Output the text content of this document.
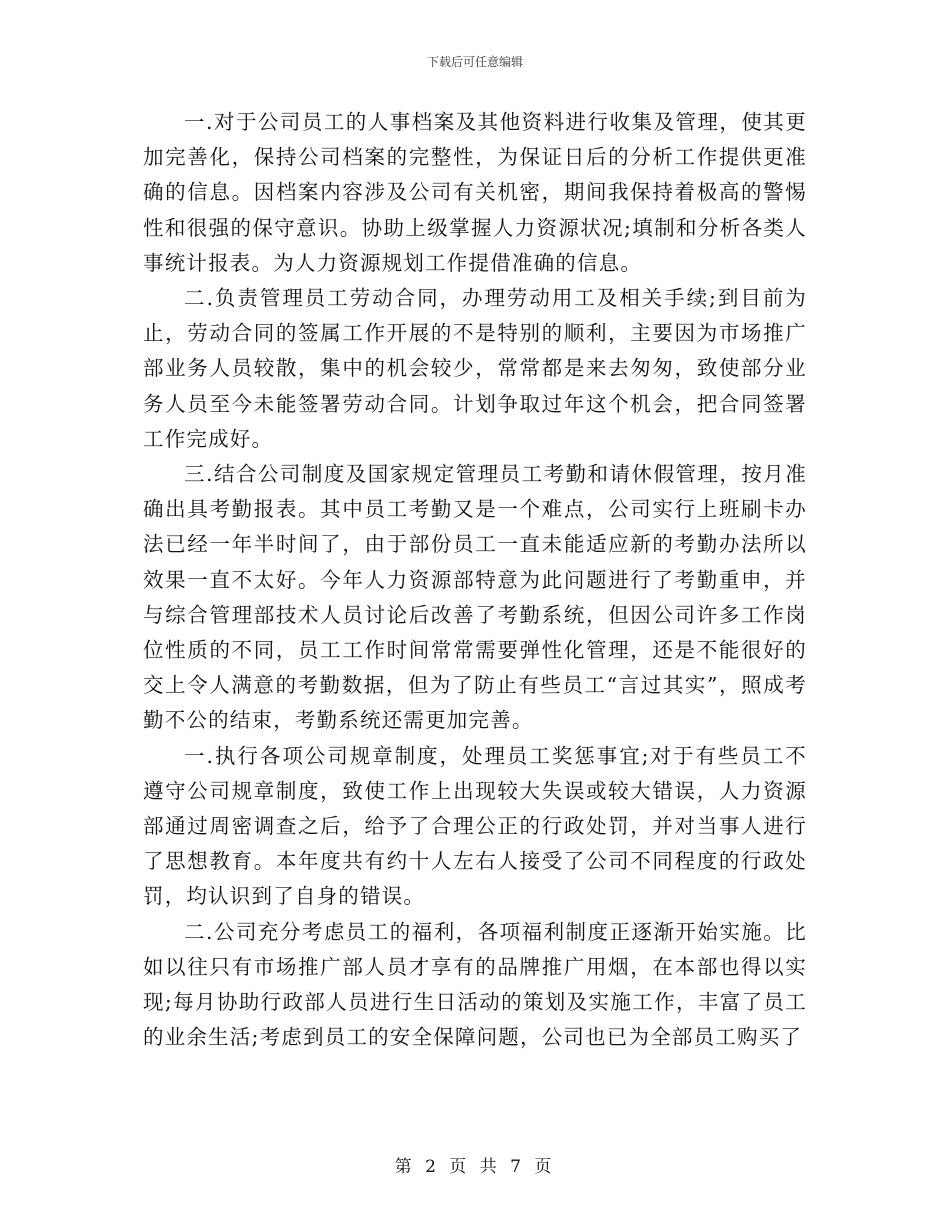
下载后可任意编辑

一.对于公司员工的人事档案及其他资料进行收集及管理，使其更加完善化，保持公司档案的完整性，为保证日后的分析工作提供更准确的信息。因档案内容涉及公司有关机密，期间我保持着极高的警惕性和很强的保守意识。协助上级掌握人力资源状况;填制和分析各类人事统计报表。为人力资源规划工作提借准确的信息。

二.负责管理员工劳动合同，办理劳动用工及相关手续;到目前为止，劳动合同的签属工作开展的不是特别的顺利，主要因为市场推广部业务人员较散，集中的机会较少，常常都是来去匆匆，致使部分业务人员至今未能签署劳动合同。计划争取过年这个机会，把合同签署工作完成好。

三.结合公司制度及国家规定管理员工考勤和请休假管理，按月准确出具考勤报表。其中员工考勤又是一个难点，公司实行上班刷卡办法已经一年半时间了，由于部份员工一直未能适应新的考勤办法所以效果一直不太好。今年人力资源部特意为此问题进行了考勤重申，并与综合管理部技术人员讨论后改善了考勤系统，但因公司许多工作岗位性质的不同，员工工作时间常常需要弹性化管理，还是不能很好的交上令人满意的考勤数据，但为了防止有些员工“言过其实”，照成考勤不公的结束，考勤系统还需更加完善。

一.执行各项公司规章制度，处理员工奖惩事宜;对于有些员工不遵守公司规章制度，致使工作上出现较大失误或较大错误，人力资源部通过周密调查之后，给予了合理公正的行政处罚，并对当事人进行了思想教育。本年度共有约十人左右人接受了公司不同程度的行政处罚，均认识到了自身的错误。

二.公司充分考虑员工的福利，各项福利制度正逐渐开始实施。比如以往只有市场推广部人员才享有的品牌推广用烟，在本部也得以实现;每月协助行政部人员进行生日活动的策划及实施工作，丰富了员工的业余生活;考虑到员工的安全保障问题，公司也已为全部员工购买了

第 2 页 共 7 页
